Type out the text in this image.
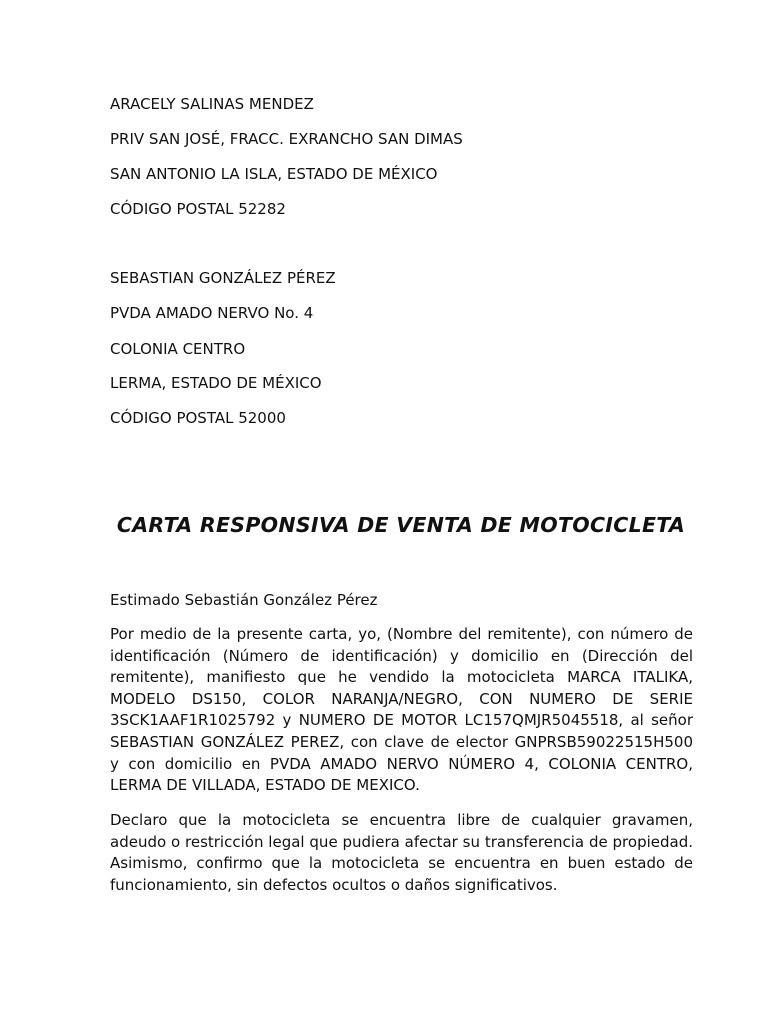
ARACELY SALINAS MENDEZ

PRIV SAN JOSÉ, FRACC. EXRANCHO SAN DIMAS

SAN ANTONIO LA ISLA, ESTADO DE MÉXICO

CÓDIGO POSTAL 52282

SEBASTIAN GONZÁLEZ PÉREZ

PVDA AMADO NERVO No. 4

COLONIA CENTRO

LERMA, ESTADO DE MÉXICO

CÓDIGO POSTAL 52000

CARTA RESPONSIVA DE VENTA DE MOTOCICLETA

Estimado Sebastián González Pérez

Por medio de la presente carta, yo, (Nombre del remitente), con número de identificación (Número de identificación) y domicilio en (Dirección del remitente), manifiesto que he vendido la motocicleta MARCA ITALIKA, MODELO DS150, COLOR NARANJA/NEGRO, CON NUMERO DE SERIE 3SCK1AAF1R1025792 y NUMERO DE MOTOR LC157QMJR5045518, al señor SEBASTIAN GONZÁLEZ PEREZ, con clave de elector GNPRSB59022515H500 y con domicilio en PVDA AMADO NERVO NÚMERO 4, COLONIA CENTRO, LERMA DE VILLADA, ESTADO DE MEXICO.

Declaro que la motocicleta se encuentra libre de cualquier gravamen, adeudo o restricción legal que pudiera afectar su transferencia de propiedad. Asimismo, confirmo que la motocicleta se encuentra en buen estado de funcionamiento, sin defectos ocultos o daños significativos.
